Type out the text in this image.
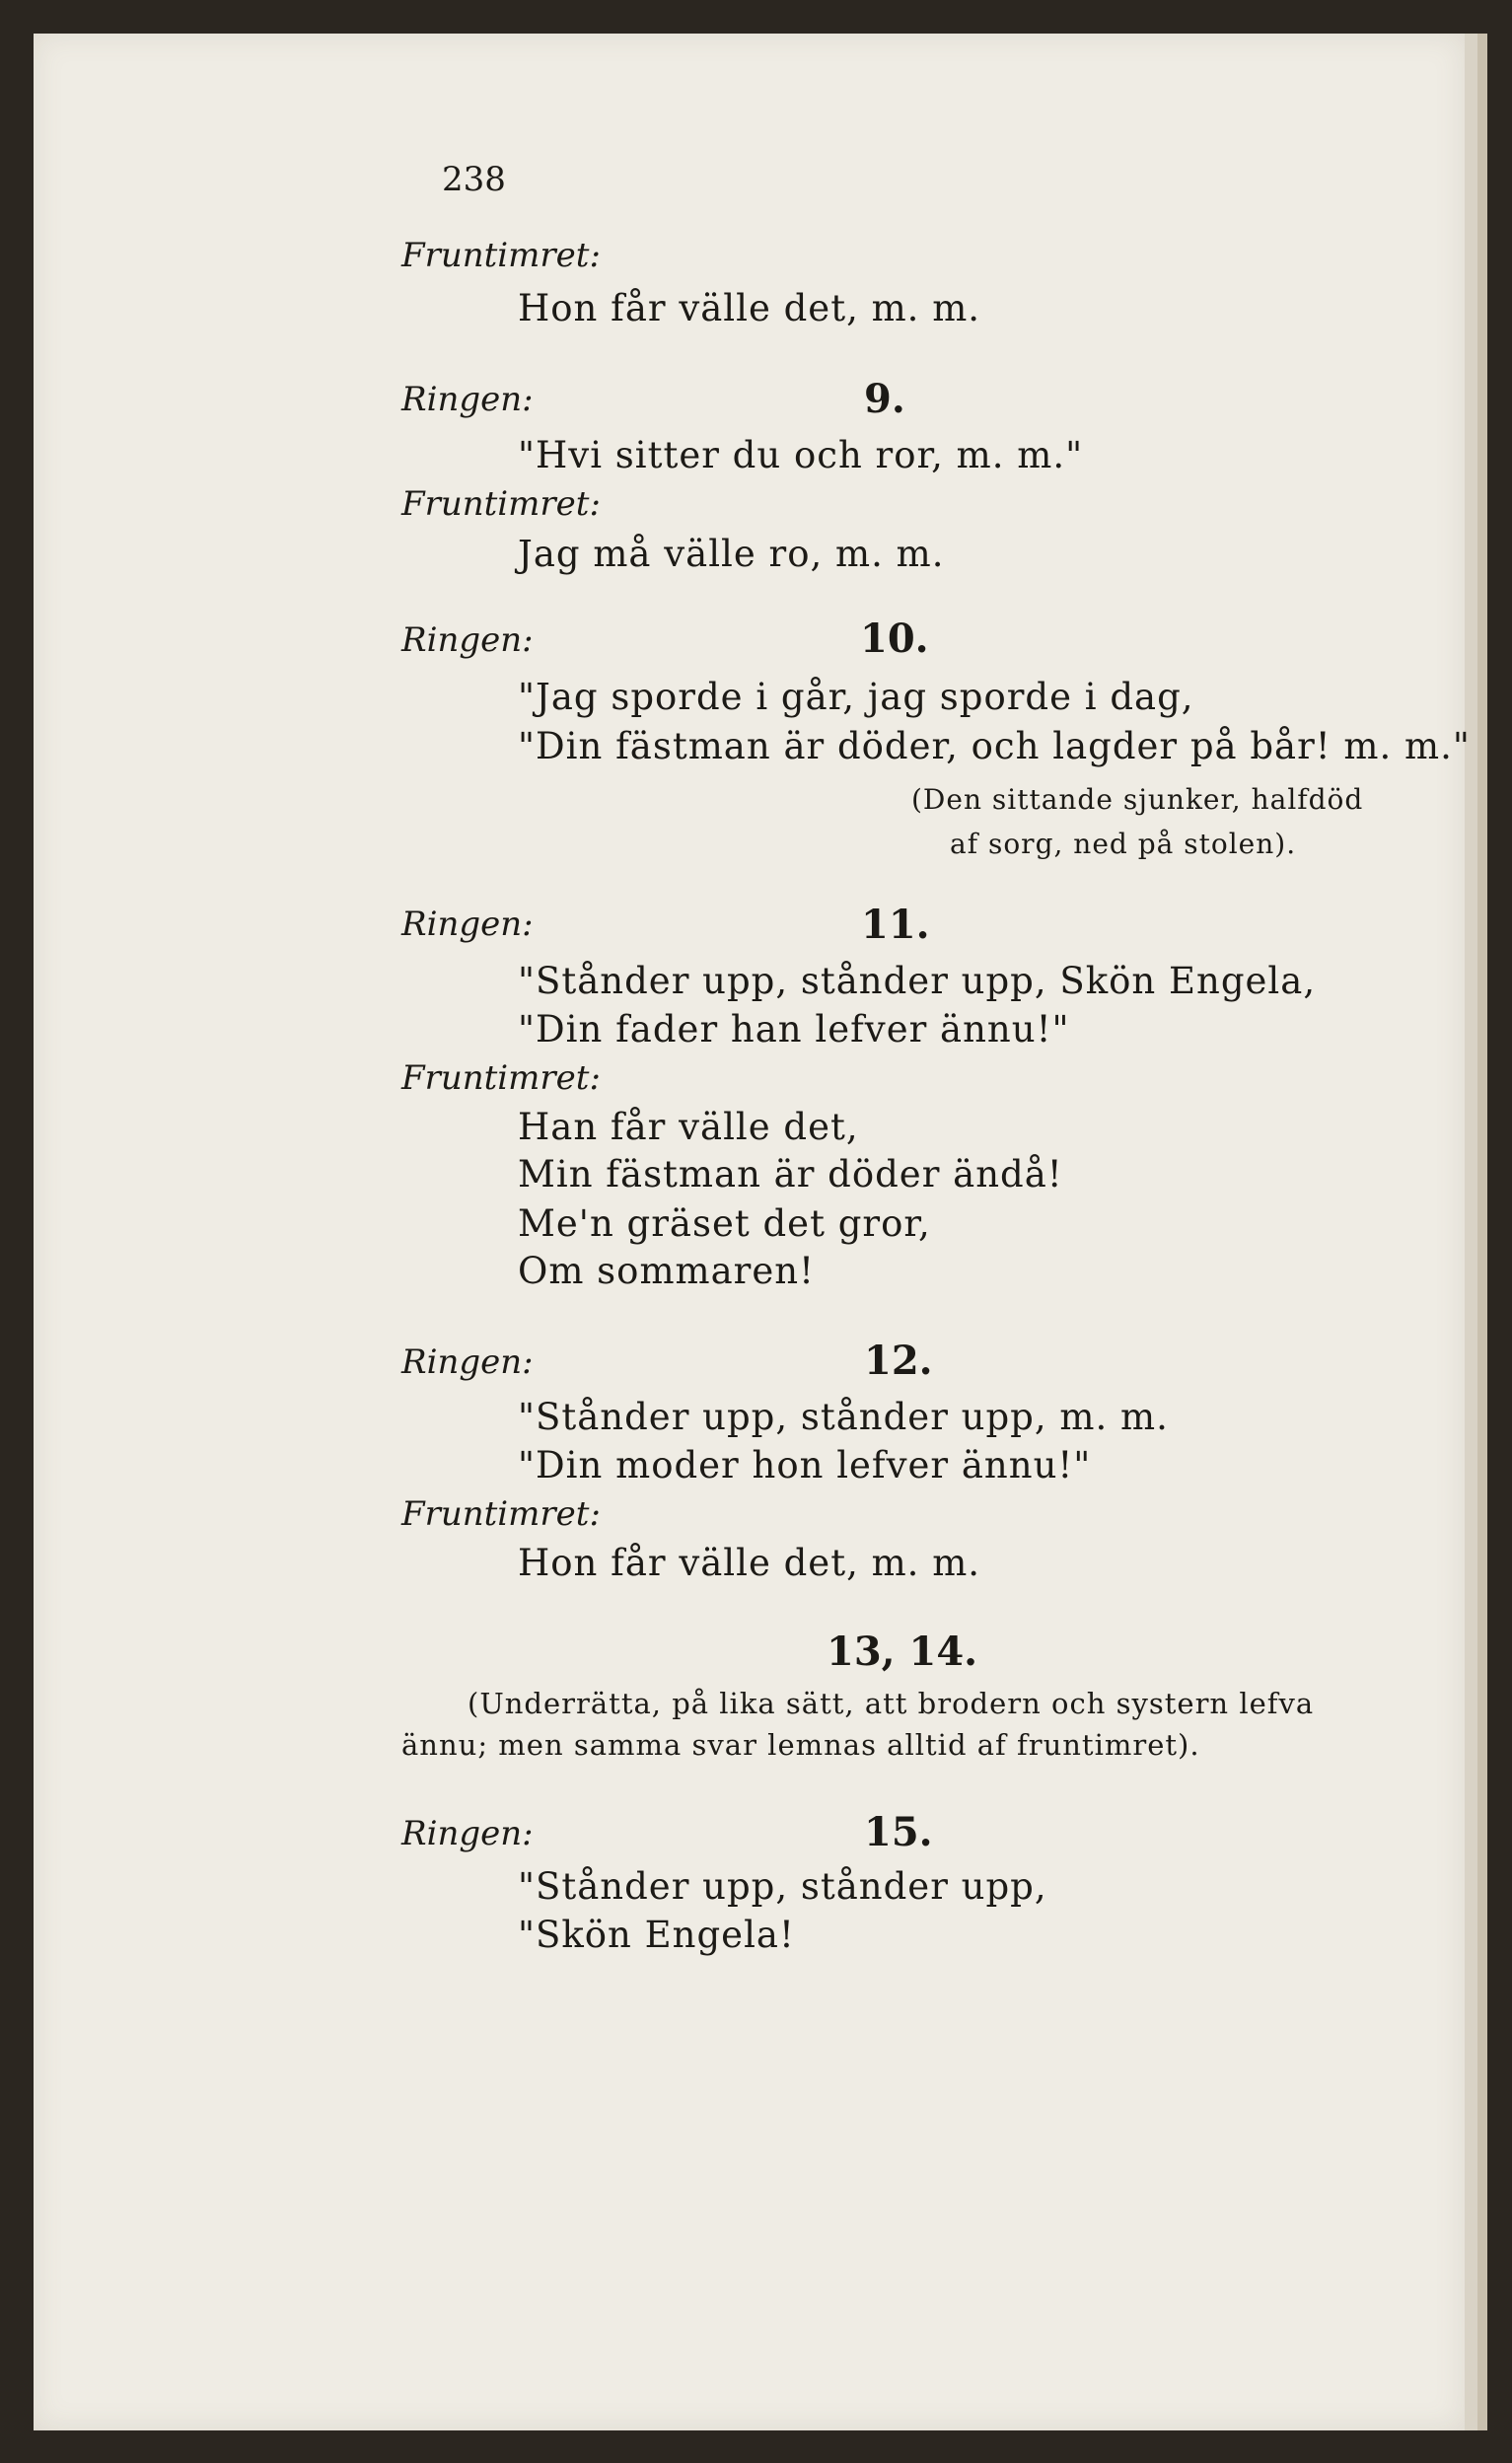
238
Fruntimret:
Hon får välle det, m. m.
Ringen:	9.
"Hvi sitter du och ror, m. m."
Fruntimret:
Jag må välle ro, m. m.
Ringen:	10.
"Jag sporde i går, jag sporde i dag,
"Din fästman är döder, och lagder på bår! m. m."
(Den sittande sjunker, halfdöd
af sorg, ned på stolen).
Ringen:	11.
"Stånder upp, stånder upp, Skön Engela,
"Din fader han lefver ännu!"
Fruntimret:
Han får välle det,
Min fästman är döder ändå!
Me'n gräset det gror,
Om sommaren!
Ringen:	12.
"Stånder upp, stånder upp, m. m.
"Din moder hon lefver ännu!"
Fruntimret:
Hon får välle det, m. m.
13, 14.
(Underrätta, på lika sätt, att brodern och systern lefva
ännu; men samma svar lemnas alltid af fruntimret).
Ringen:	15.
"Stånder upp, stånder upp,
"Skön Engela!
